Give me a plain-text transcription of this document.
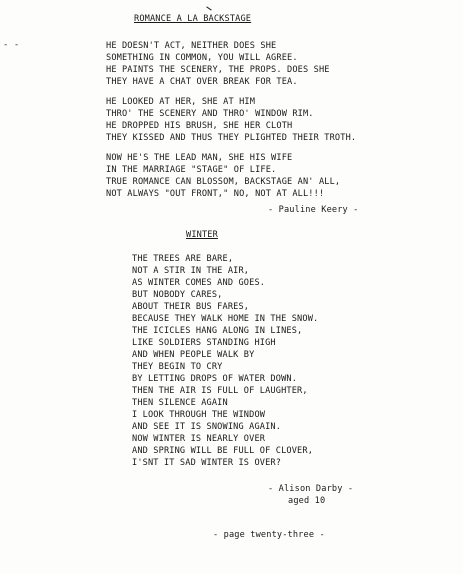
- -
ROMANCE A LA BACKSTAGE
HE DOESN'T ACT, NEITHER DOES SHE
SOMETHING IN COMMON, YOU WILL AGREE.
HE PAINTS THE SCENERY, THE PROPS. DOES SHE
THEY HAVE A CHAT OVER BREAK FOR TEA.
HE LOOKED AT HER, SHE AT HIM
THRO' THE SCENERY AND THRO' WINDOW RIM.
HE DROPPED HIS BRUSH, SHE HER CLOTH
THEY KISSED AND THUS THEY PLIGHTED THEIR TROTH.
NOW HE'S THE LEAD MAN, SHE HIS WIFE
IN THE MARRIAGE "STAGE" OF LIFE.
TRUE ROMANCE CAN BLOSSOM, BACKSTAGE AN' ALL,
NOT ALWAYS "OUT FRONT," NO, NOT AT ALL!!!
- Pauline Keery -
WINTER
THE TREES ARE BARE,
NOT A STIR IN THE AIR,
AS WINTER COMES AND GOES.
BUT NOBODY CARES,
ABOUT THEIR BUS FARES,
BECAUSE THEY WALK HOME IN THE SNOW.
THE ICICLES HANG ALONG IN LINES,
LIKE SOLDIERS STANDING HIGH
AND WHEN PEOPLE WALK BY
THEY BEGIN TO CRY
BY LETTING DROPS OF WATER DOWN.
THEN THE AIR IS FULL OF LAUGHTER,
THEN SILENCE AGAIN
I LOOK THROUGH THE WINDOW
AND SEE IT IS SNOWING AGAIN.
NOW WINTER IS NEARLY OVER
AND SPRING WILL BE FULL OF CLOVER,
I'SNT IT SAD WINTER IS OVER?
- Alison Darby -
aged 10
- page twenty-three -
